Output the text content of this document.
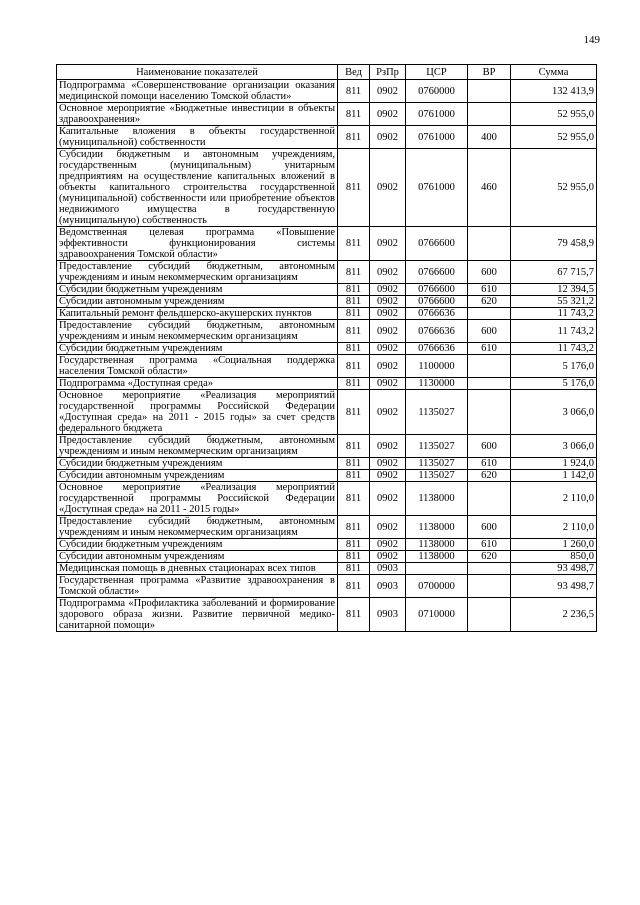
149
Наименование показателей	Вед	РзПр	ЦСР	ВР	Сумма
Подпрограмма «Совершенствование организации оказания медицинской помощи населению Томской области»	811	0902	0760000		132 413,9
Основное мероприятие «Бюджетные инвестиции в объекты здравоохранения»	811	0902	0761000		52 955,0
Капитальные вложения в объекты государственной (муниципальной) собственности	811	0902	0761000	400	52 955,0
Субсидии бюджетным и автономным учреждениям, государственным (муниципальным) унитарным предприятиям на осуществление капитальных вложений в объекты капитального строительства государственной (муниципальной) собственности или приобретение объектов недвижимого имущества в государственную (муниципальную) собственность	811	0902	0761000	460	52 955,0
Ведомственная целевая программа «Повышение эффективности функционирования системы здравоохранения Томской области»	811	0902	0766600		79 458,9
Предоставление субсидий бюджетным, автономным учреждениям и иным некоммерческим организациям	811	0902	0766600	600	67 715,7
Субсидии бюджетным учреждениям	811	0902	0766600	610	12 394,5
Субсидии автономным учреждениям	811	0902	0766600	620	55 321,2
Капитальный ремонт фельдшерско-акушерских пунктов	811	0902	0766636		11 743,2
Предоставление субсидий бюджетным, автономным учреждениям и иным некоммерческим организациям	811	0902	0766636	600	11 743,2
Субсидии бюджетным учреждениям	811	0902	0766636	610	11 743,2
Государственная программа «Социальная поддержка населения Томской области»	811	0902	1100000		5 176,0
Подпрограмма «Доступная среда»	811	0902	1130000		5 176,0
Основное мероприятие «Реализация мероприятий государственной программы Российской Федерации «Доступная среда» на 2011 - 2015 годы» за счет средств федерального бюджета	811	0902	1135027		3 066,0
Предоставление субсидий бюджетным, автономным учреждениям и иным некоммерческим организациям	811	0902	1135027	600	3 066,0
Субсидии бюджетным учреждениям	811	0902	1135027	610	1 924,0
Субсидии автономным учреждениям	811	0902	1135027	620	1 142,0
Основное мероприятие «Реализация мероприятий государственной программы Российской Федерации «Доступная среда» на 2011 - 2015 годы»	811	0902	1138000		2 110,0
Предоставление субсидий бюджетным, автономным учреждениям и иным некоммерческим организациям	811	0902	1138000	600	2 110,0
Субсидии бюджетным учреждениям	811	0902	1138000	610	1 260,0
Субсидии автономным учреждениям	811	0902	1138000	620	850,0
Медицинская помощь в дневных стационарах всех типов	811	0903			93 498,7
Государственная программа «Развитие здравоохранения в Томской области»	811	0903	0700000		93 498,7
Подпрограмма «Профилактика заболеваний и формирование здорового образа жизни. Развитие первичной медико-санитарной помощи»	811	0903	0710000		2 236,5
